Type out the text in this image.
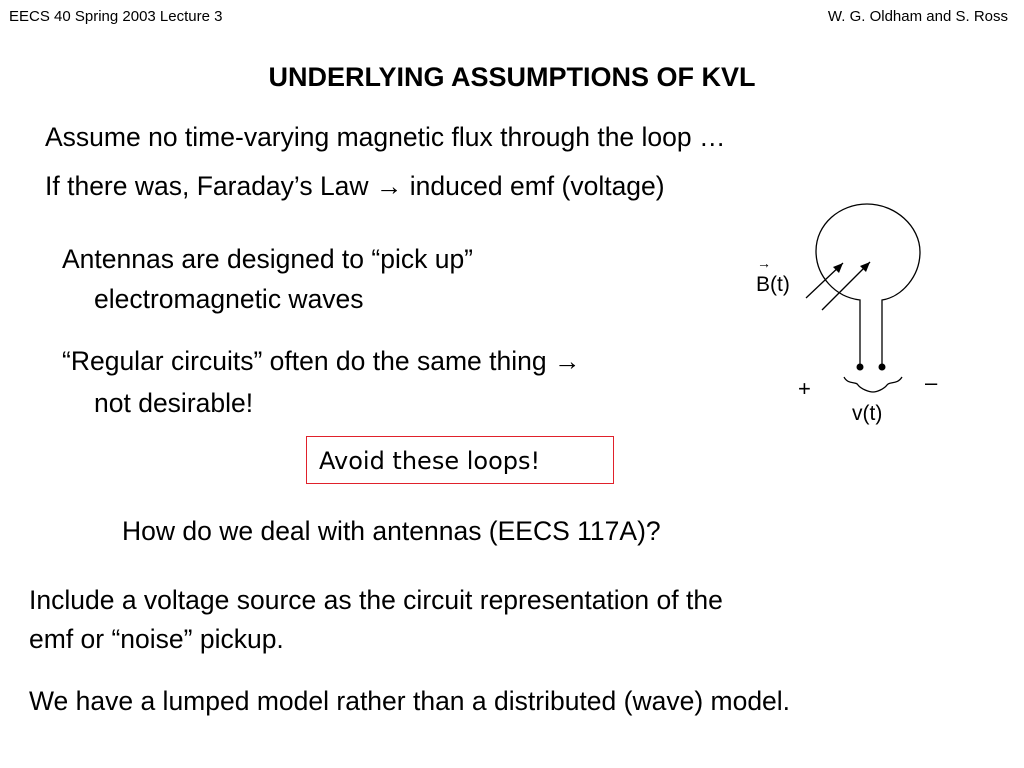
EECS 40 Spring 2003 Lecture 3	W. G. Oldham and S. Ross
UNDERLYING ASSUMPTIONS OF KVL
Assume no time-varying magnetic flux through the loop …
If there was, Faraday’s Law → induced emf (voltage)
Antennas are designed to “pick up”
electromagnetic waves
“Regular circuits” often do the same thing →
not desirable!
→
B(t)
+	–
v(t)
Avoid these loops!
How do we deal with antennas (EECS 117A)?
Include a voltage source as the circuit representation of the
emf or “noise” pickup.
We have a lumped model rather than a distributed (wave) model.
